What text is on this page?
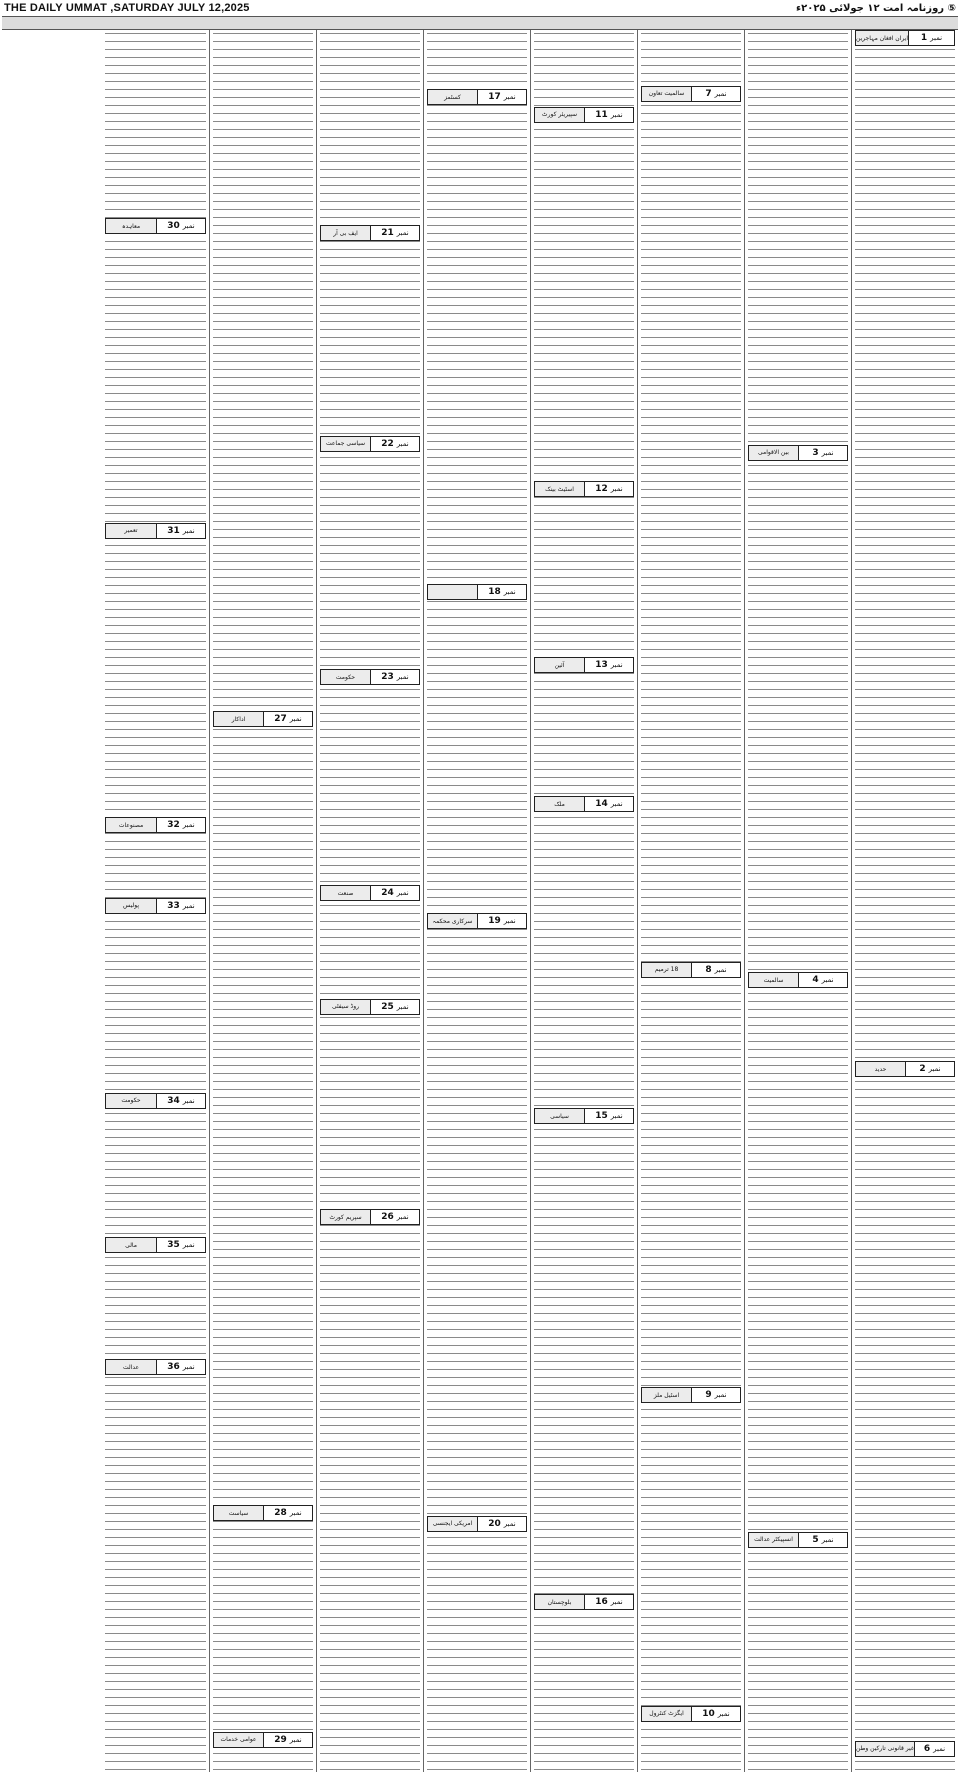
THE DAILY UMMAT ,SATURDAY JULY 12,2025	⑤ روزنامہ امت ۱۲ جولائی ۲۰۲۵ء
ایران افغان مہاجرین	نمبر
1
حدید	نمبر
2
غیر قانونی تارکین وطن	نمبر
6
بین الاقوامی	نمبر
3
سالمیت	نمبر
4
انسپیکٹر عدالت	نمبر
5
سالمیت تعاون	نمبر
7
18 ترمیم	نمبر
8
اسٹیل ملز	نمبر
9
ایگزٹ کنٹرول	نمبر
10
سپیریئر کورٹ	نمبر
11
اسٹیٹ بینک	نمبر
12
آئین	نمبر
13
ملک	نمبر
14
سیاسی	نمبر
15
بلوچستان	نمبر
16
کسٹمز	نمبر
17
نمبر
18
سرکاری محکمہ	نمبر
19
امریکی ایجنسی	نمبر
20
ایف بی آر	نمبر
21
سیاسی جماعت	نمبر
22
حکومت	نمبر
23
صنعت	نمبر
24
روڈ سیفٹی	نمبر
25
سپریم کورٹ	نمبر
26
اداکار	نمبر
27
سیاست	نمبر
28
عوامی خدمات	نمبر
29
معاہدہ	نمبر
30
تعمیر	نمبر
31
مصنوعات	نمبر
32
پولیس	نمبر
33
حکومت	نمبر
34
مالی	نمبر
35
عدالت	نمبر
36
